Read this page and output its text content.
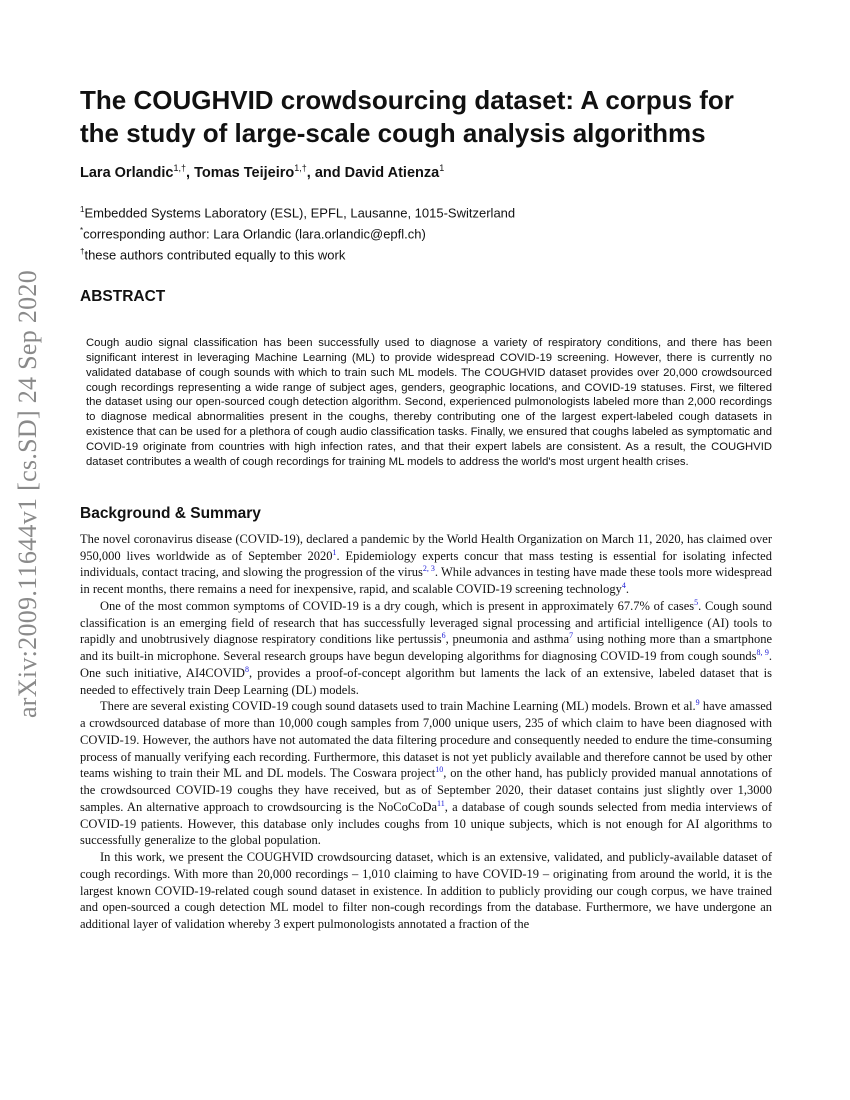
arXiv:2009.11644v1 [cs.SD] 24 Sep 2020
The COUGHVID crowdsourcing dataset: A corpus for the study of large-scale cough analysis algorithms
Lara Orlandic$^{1,\dagger}$, Tomas Teijeiro$^{1,\dagger}$, and David Atienza$^1$
$^1$Embedded Systems Laboratory (ESL), EPFL, Lausanne, 1015-Switzerland
*corresponding author: Lara Orlandic (lara.orlandic@epfl.ch)
†these authors contributed equally to this work
ABSTRACT

Cough audio signal classification has been successfully used to diagnose a variety of respiratory conditions, and there has been significant interest in leveraging Machine Learning (ML) to provide widespread COVID-19 screening. However, there is currently no validated database of cough sounds with which to train such ML models. The COUGHVID dataset provides over 20,000 crowdsourced cough recordings representing a wide range of subject ages, genders, geographic locations, and COVID-19 statuses. First, we filtered the dataset using our open-sourced cough detection algorithm. Second, experienced pulmonologists labeled more than 2,000 recordings to diagnose medical abnormalities present in the coughs, thereby contributing one of the largest expert-labeled cough datasets in existence that can be used for a plethora of cough audio classification tasks. Finally, we ensured that coughs labeled as symptomatic and COVID-19 originate from countries with high infection rates, and that their expert labels are consistent. As a result, the COUGHVID dataset contributes a wealth of cough recordings for training ML models to address the world's most urgent health crises.

Background & Summary

The novel coronavirus disease (COVID-19), declared a pandemic by the World Health Organization on March 11, 2020, has claimed over 950,000 lives worldwide as of September 2020$^1$. Epidemiology experts concur that mass testing is essential for isolating infected individuals, contact tracing, and slowing the progression of the virus$^{2, 3}$. While advances in testing have made these tools more widespread in recent months, there remains a need for inexpensive, rapid, and scalable COVID-19 screening technology$^4$.

One of the most common symptoms of COVID-19 is a dry cough, which is present in approximately 67.7% of cases$^5$. Cough sound classification is an emerging field of research that has successfully leveraged signal processing and artificial intelligence (AI) tools to rapidly and unobtrusively diagnose respiratory conditions like pertussis$^6$, pneumonia and asthma$^7$ using nothing more than a smartphone and its built-in microphone. Several research groups have begun developing algorithms for diagnosing COVID-19 from cough sounds$^{8, 9}$. One such initiative, AI4COVID$^8$, provides a proof-of-concept algorithm but laments the lack of an extensive, labeled dataset that is needed to effectively train Deep Learning (DL) models.

There are several existing COVID-19 cough sound datasets used to train Machine Learning (ML) models. Brown et al.$^9$ have amassed a crowdsourced database of more than 10,000 cough samples from 7,000 unique users, 235 of which claim to have been diagnosed with COVID-19. However, the authors have not automated the data filtering procedure and consequently needed to endure the time-consuming process of manually verifying each recording. Furthermore, this dataset is not yet publicly available and therefore cannot be used by other teams wishing to train their ML and DL models. The Coswara project$^{10}$, on the other hand, has publicly provided manual annotations of the crowdsourced COVID-19 coughs they have received, but as of September 2020, their dataset contains just slightly over 1,3000 samples. An alternative approach to crowdsourcing is the NoCoCoDa$^{11}$, a database of cough sounds selected from media interviews of COVID-19 patients. However, this database only includes coughs from 10 unique subjects, which is not enough for AI algorithms to successfully generalize to the global population.

In this work, we present the COUGHVID crowdsourcing dataset, which is an extensive, validated, and publicly-available dataset of cough recordings. With more than 20,000 recordings – 1,010 claiming to have COVID-19 – originating from around the world, it is the largest known COVID-19-related cough sound dataset in existence. In addition to publicly providing our cough corpus, we have trained and open-sourced a cough detection ML model to filter non-cough recordings from the database. Furthermore, we have undergone an additional layer of validation whereby 3 expert pulmonologists annotated a fraction of the
